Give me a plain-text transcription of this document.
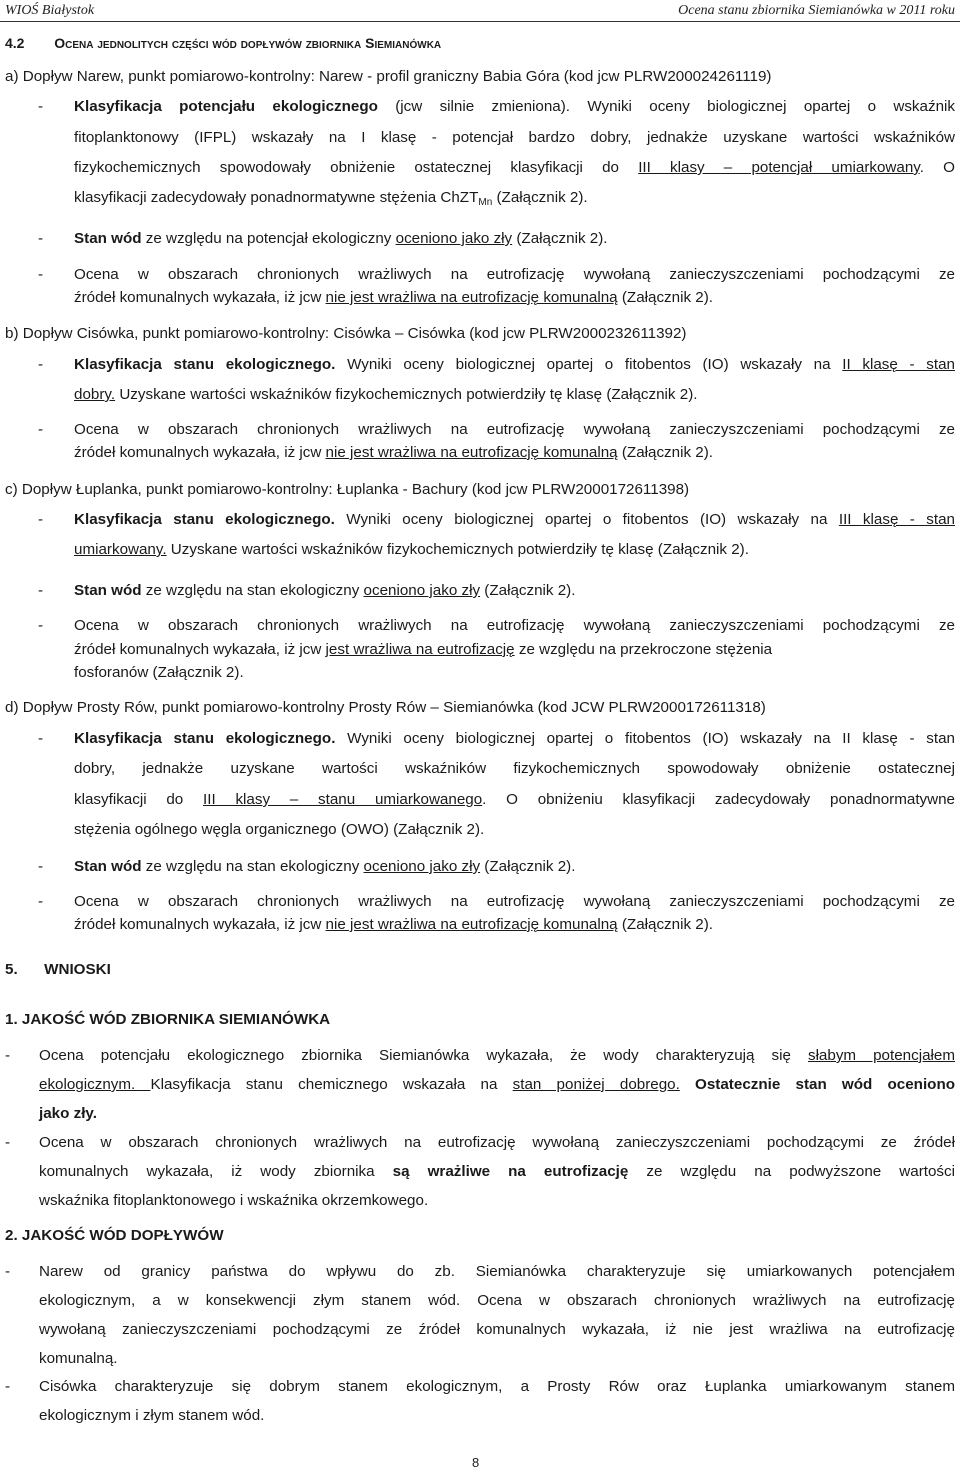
WIOŚ Białystok	Ocena stanu zbiornika Siemianówka w 2011 roku
4.2 Ocena jednolitych części wód dopływów zbiornika Siemianówka
a) Dopływ Narew, punkt pomiarowo-kontrolny: Narew - profil graniczny Babia Góra (kod jcw PLRW200024261119)
- Klasyfikacja potencjału ekologicznego (jcw silnie zmieniona). Wyniki oceny biologicznej opartej o wskaźnik
fitoplanktonowy (IFPL) wskazały na I klasę - potencjał bardzo dobry, jednakże uzyskane wartości wskaźników
fizykochemicznych spowodowały obniżenie ostatecznej klasyfikacji do III klasy – potencjał umiarkowany. O
klasyfikacji zadecydowały ponadnormatywne stężenia ChZT$_{Mn}$ (Załącznik 2).
- Stan wód ze względu na potencjał ekologiczny oceniono jako zły (Załącznik 2).
- Ocena w obszarach chronionych wrażliwych na eutrofizację wywołaną zanieczyszczeniami pochodzącymi ze
źródeł komunalnych wykazała, iż jcw nie jest wrażliwa na eutrofizację komunalną (Załącznik 2).
b) Dopływ Cisówka, punkt pomiarowo-kontrolny: Cisówka – Cisówka (kod jcw PLRW2000232611392)
- Klasyfikacja stanu ekologicznego. Wyniki oceny biologicznej opartej o fitobentos (IO) wskazały na II klasę - stan
dobry. Uzyskane wartości wskaźników fizykochemicznych potwierdziły tę klasę (Załącznik 2).
- Ocena w obszarach chronionych wrażliwych na eutrofizację wywołaną zanieczyszczeniami pochodzącymi ze
źródeł komunalnych wykazała, iż jcw nie jest wrażliwa na eutrofizację komunalną (Załącznik 2).
c) Dopływ Łuplanka, punkt pomiarowo-kontrolny: Łuplanka - Bachury (kod jcw PLRW2000172611398)
- Klasyfikacja stanu ekologicznego. Wyniki oceny biologicznej opartej o fitobentos (IO) wskazały na III klasę - stan
umiarkowany. Uzyskane wartości wskaźników fizykochemicznych potwierdziły tę klasę (Załącznik 2).
- Stan wód ze względu na stan ekologiczny oceniono jako zły (Załącznik 2).
- Ocena w obszarach chronionych wrażliwych na eutrofizację wywołaną zanieczyszczeniami pochodzącymi ze
źródeł komunalnych wykazała, iż jcw jest wrażliwa na eutrofizację ze względu na przekroczone stężenia
fosforanów (Załącznik 2).
d) Dopływ Prosty Rów, punkt pomiarowo-kontrolny Prosty Rów – Siemianówka (kod JCW PLRW2000172611318)
- Klasyfikacja stanu ekologicznego. Wyniki oceny biologicznej opartej o fitobentos (IO) wskazały na II klasę - stan
dobry, jednakże uzyskane wartości wskaźników fizykochemicznych spowodowały obniżenie ostatecznej
klasyfikacji do III klasy – stanu umiarkowanego. O obniżeniu klasyfikacji zadecydowały ponadnormatywne
stężenia ogólnego węgla organicznego (OWO) (Załącznik 2).
- Stan wód ze względu na stan ekologiczny oceniono jako zły (Załącznik 2).
- Ocena w obszarach chronionych wrażliwych na eutrofizację wywołaną zanieczyszczeniami pochodzącymi ze
źródeł komunalnych wykazała, iż jcw nie jest wrażliwa na eutrofizację komunalną (Załącznik 2).
5. WNIOSKI
1. JAKOŚĆ WÓD ZBIORNIKA SIEMIANÓWKA
- Ocena potencjału ekologicznego zbiornika Siemianówka wykazała, że wody charakteryzują się słabym potencjałem
ekologicznym. Klasyfikacja stanu chemicznego wskazała na stan poniżej dobrego. Ostatecznie stan wód oceniono
jako zły.
- Ocena w obszarach chronionych wrażliwych na eutrofizację wywołaną zanieczyszczeniami pochodzącymi ze źródeł
komunalnych wykazała, iż wody zbiornika są wrażliwe na eutrofizację ze względu na podwyższone wartości
wskaźnika fitoplanktonowego i wskaźnika okrzemkowego.
2. JAKOŚĆ WÓD DOPŁYWÓW
- Narew od granicy państwa do wpływu do zb. Siemianówka charakteryzuje się umiarkowanych potencjałem
ekologicznym, a w konsekwencji złym stanem wód. Ocena w obszarach chronionych wrażliwych na eutrofizację
wywołaną zanieczyszczeniami pochodzącymi ze źródeł komunalnych wykazała, iż nie jest wrażliwa na eutrofizację
komunalną.
- Cisówka charakteryzuje się dobrym stanem ekologicznym, a Prosty Rów oraz Łuplanka umiarkowanym stanem
ekologicznym i złym stanem wód.
8
